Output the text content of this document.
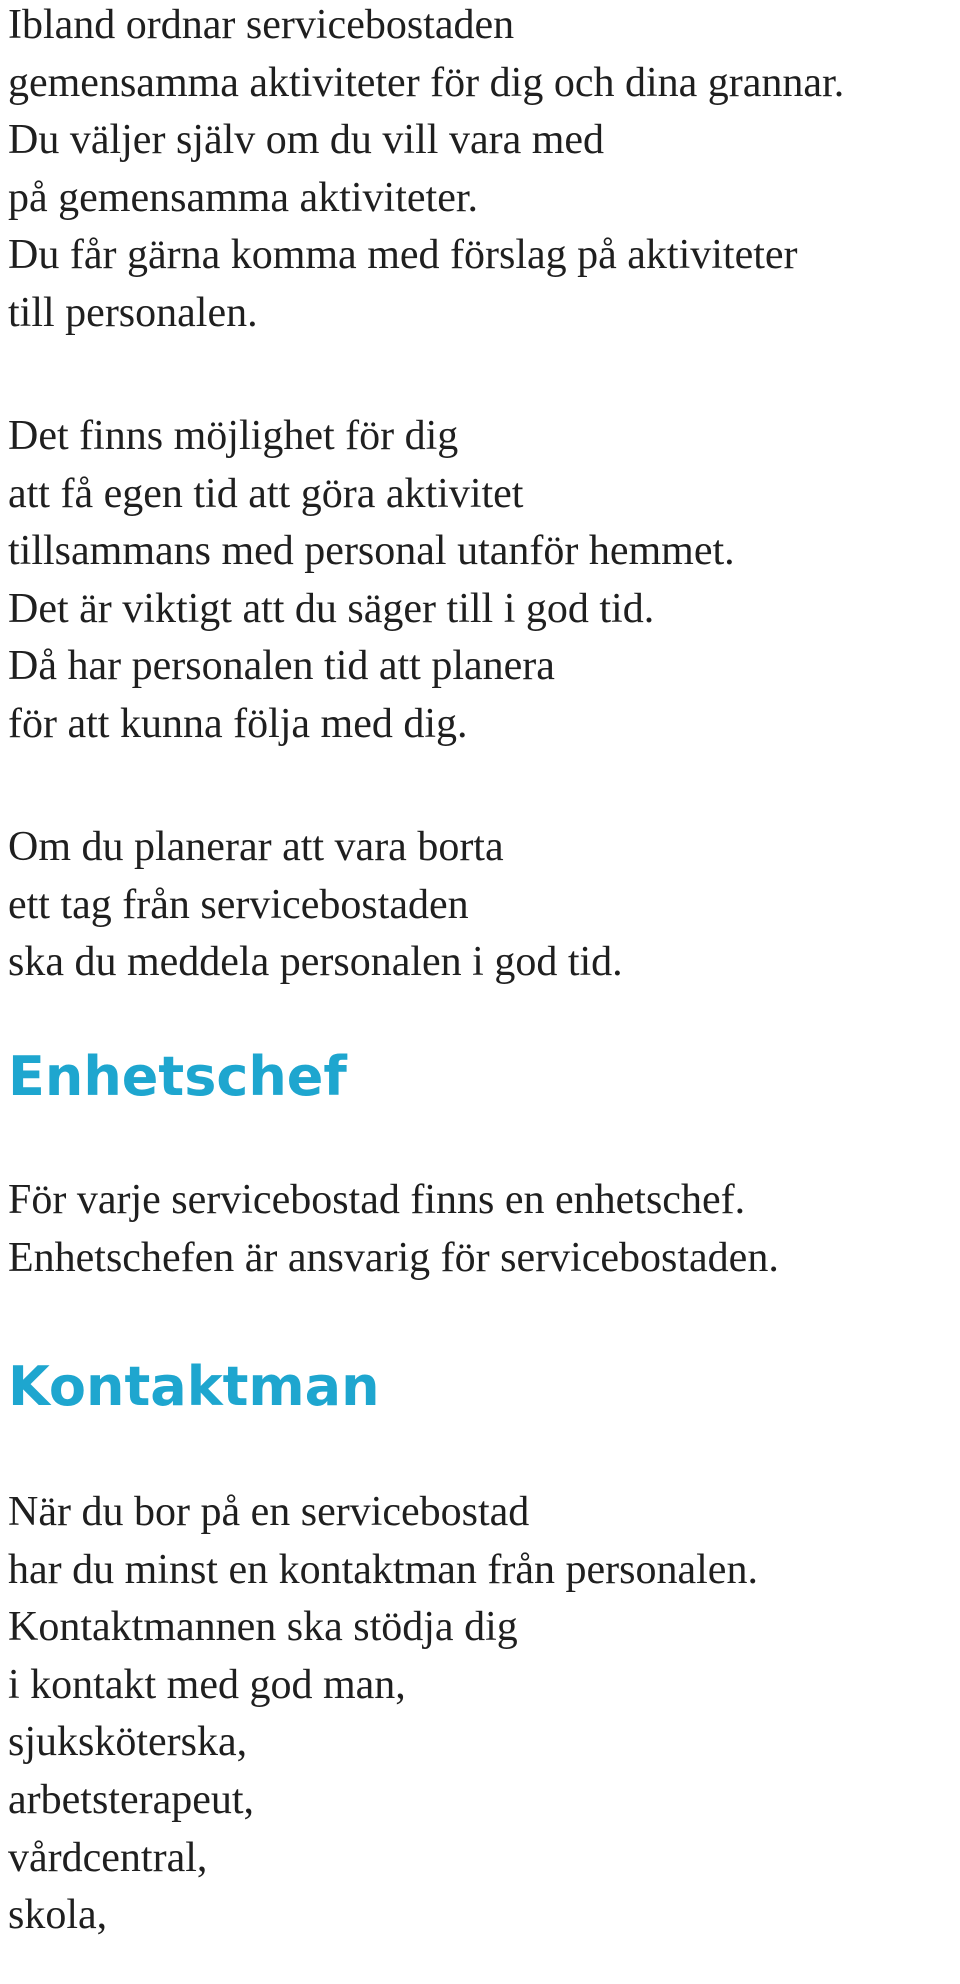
Ibland ordnar servicebostaden
gemensamma aktiviteter för dig och dina grannar.
Du väljer själv om du vill vara med
på gemensamma aktiviteter.
Du får gärna komma med förslag på aktiviteter
till personalen.

Det finns möjlighet för dig
att få egen tid att göra aktivitet
tillsammans med personal utanför hemmet.
Det är viktigt att du säger till i god tid.
Då har personalen tid att planera
för att kunna följa med dig.

Om du planerar att vara borta
ett tag från servicebostaden
ska du meddela personalen i god tid.

Enhetschef

För varje servicebostad finns en enhetschef.
Enhetschefen är ansvarig för servicebostaden.

Kontaktman

När du bor på en servicebostad
har du minst en kontaktman från personalen.
Kontaktmannen ska stödja dig
i kontakt med god man,
sjuksköterska,
arbetsterapeut,
vårdcentral,
skola,
